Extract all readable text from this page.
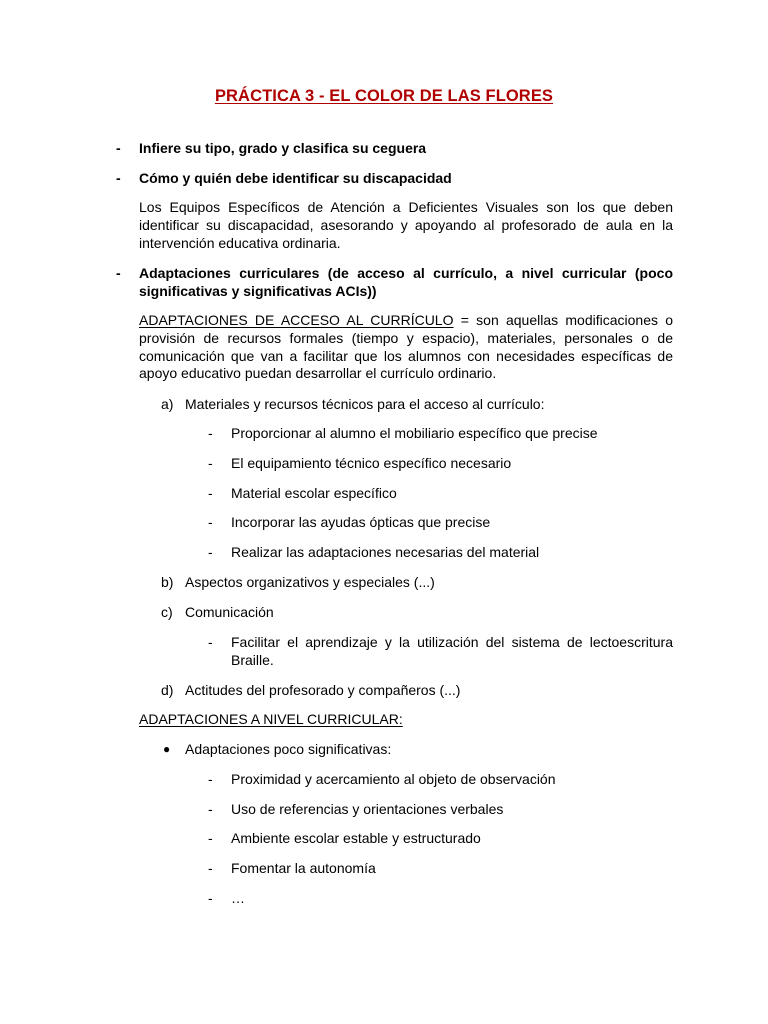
PRÁCTICA 3 - EL COLOR DE LAS FLORES
- Infiere su tipo, grado y clasifica su ceguera
- Cómo y quién debe identificar su discapacidad
Los Equipos Específicos de Atención a Deficientes Visuales son los que deben identificar su discapacidad, asesorando y apoyando al profesorado de aula en la intervención educativa ordinaria.
- Adaptaciones curriculares (de acceso al currículo, a nivel curricular (poco significativas y significativas ACIs))
ADAPTACIONES DE ACCESO AL CURRÍCULO = son aquellas modificaciones o provisión de recursos formales (tiempo y espacio), materiales, personales o de comunicación que van a facilitar que los alumnos con necesidades específicas de apoyo educativo puedan desarrollar el currículo ordinario.
a) Materiales y recursos técnicos para el acceso al currículo:
- Proporcionar al alumno el mobiliario específico que precise
- El equipamiento técnico específico necesario
- Material escolar específico
- Incorporar las ayudas ópticas que precise
- Realizar las adaptaciones necesarias del material
b) Aspectos organizativos y especiales (...)
c) Comunicación
- Facilitar el aprendizaje y la utilización del sistema de lectoescritura Braille.
d) Actitudes del profesorado y compañeros (...)
ADAPTACIONES A NIVEL CURRICULAR:
● Adaptaciones poco significativas:
- Proximidad y acercamiento al objeto de observación
- Uso de referencias y orientaciones verbales
- Ambiente escolar estable y estructurado
- Fomentar la autonomía
- …
